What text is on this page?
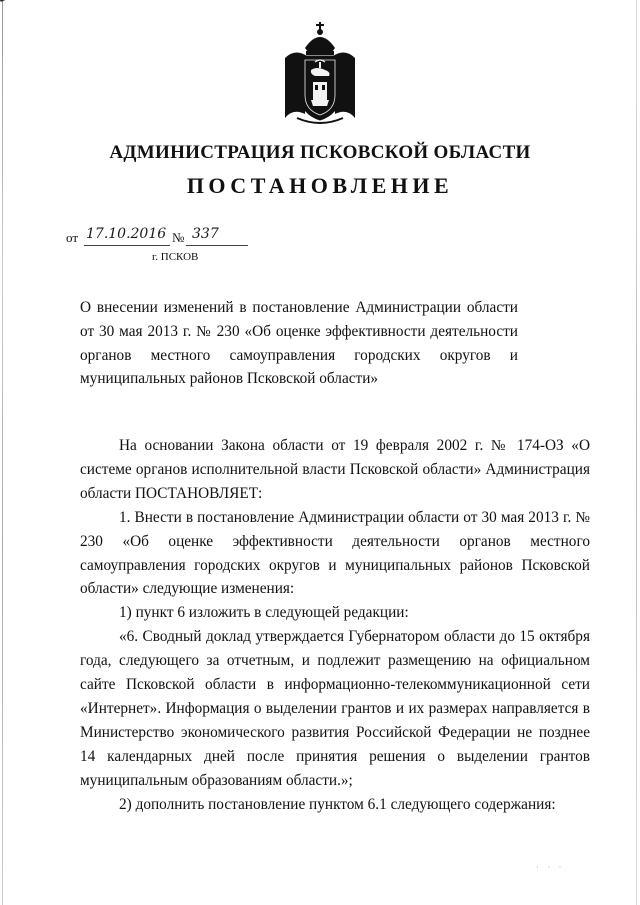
АДМИНИСТРАЦИЯ ПСКОВСКОЙ ОБЛАСТИ
ПОСТАНОВЛЕНИЕ
от 17.10.2016 № 337
г. ПСКОВ
О внесении изменений в постановление Администрации области от 30 мая 2013 г. № 230 «Об оценке эффективности деятельности органов местного самоуправления городских округов и муниципальных районов Псковской области»

На основании Закона области от 19 февраля 2002 г. № 174-ОЗ «О системе органов исполнительной власти Псковской области» Администрация области ПОСТАНОВЛЯЕТ:

1. Внести в постановление Администрации области от 30 мая 2013 г. № 230 «Об оценке эффективности деятельности органов местного самоуправления городских округов и муниципальных районов Псковской области» следующие изменения:

1) пункт 6 изложить в следующей редакции:

«6. Сводный доклад утверждается Губернатором области до 15 октября года, следующего за отчетным, и подлежит размещению на официальном сайте Псковской области в информационно-телекоммуникационной сети «Интернет». Информация о выделении грантов и их размерах направляется в Министерство экономического развития Российской Федерации не позднее 14 календарных дней после принятия решения о выделении грантов муниципальным образованиям области.»;

2) дополнить постановление пунктом 6.1 следующего содержания:

· · ·
